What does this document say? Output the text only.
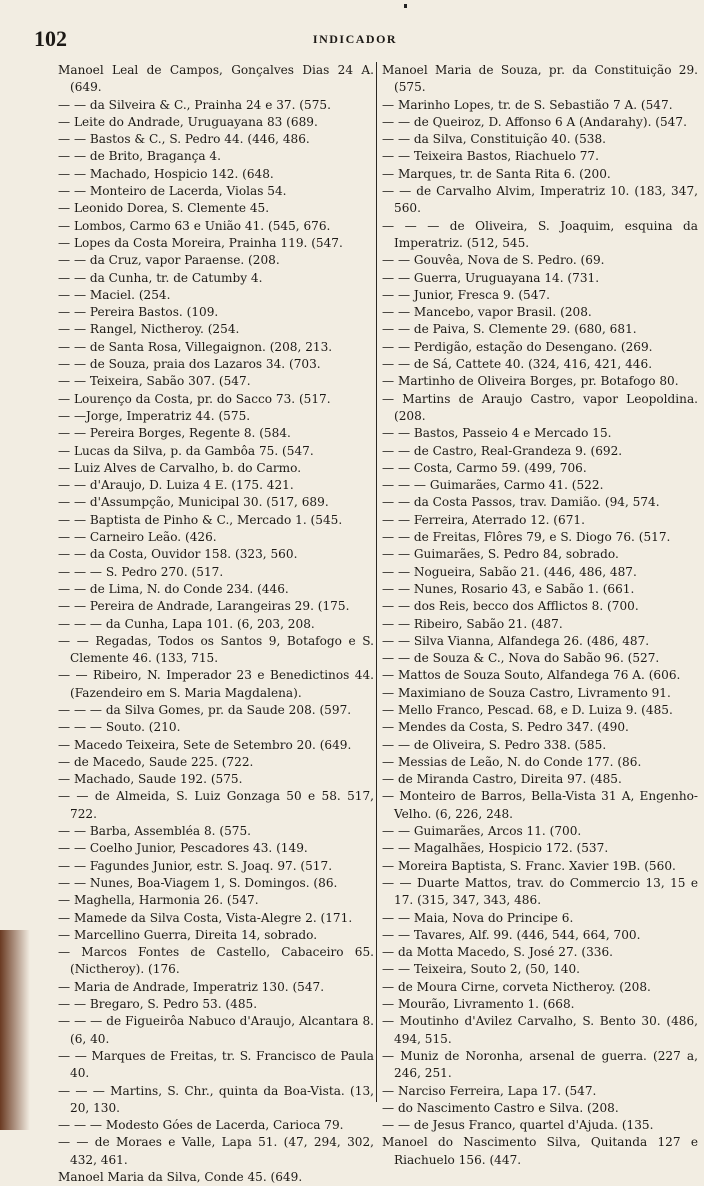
102	INDICADOR
Manoel Leal de Campos, Gonçalves Dias 24 A. (649.
— — da Silveira & C., Prainha 24 e 37. (575.
— Leite do Andrade, Uruguayana 83 (689.
— — Bastos & C., S. Pedro 44. (446, 486.
— — de Brito, Bragança 4.
— — Machado, Hospicio 142. (648.
— — Monteiro de Lacerda, Violas 54.
— Leonido Dorea, S. Clemente 45.
— Lombos, Carmo 63 e União 41. (545, 676.
— Lopes da Costa Moreira, Prainha 119. (547.
— — da Cruz, vapor Paraense. (208.
— — da Cunha, tr. de Catumby 4.
— — Maciel. (254.
— — Pereira Bastos. (109.
— — Rangel, Nictheroy. (254.
— — de Santa Rosa, Villegaignon. (208, 213.
— — de Souza, praia dos Lazaros 34. (703.
— — Teixeira, Sabão 307. (547.
— Lourenço da Costa, pr. do Sacco 73. (517.
— —Jorge, Imperatriz 44. (575.
— — Pereira Borges, Regente 8. (584.
— Lucas da Silva, p. da Gambôa 75. (547.
— Luiz Alves de Carvalho, b. do Carmo.
— — d'Araujo, D. Luiza 4 E. (175. 421.
— — d'Assumpção, Municipal 30. (517, 689.
— — Baptista de Pinho & C., Mercado 1. (545.
— — Carneiro Leão. (426.
— — da Costa, Ouvidor 158. (323, 560.
— — — S. Pedro 270. (517.
— — de Lima, N. do Conde 234. (446.
— — Pereira de Andrade, Larangeiras 29. (175.
— — — da Cunha, Lapa 101. (6, 203, 208.
— — Regadas, Todos os Santos 9, Botafogo e S. Clemente 46. (133, 715.
— — Ribeiro, N. Imperador 23 e Benedictinos 44. (Fazendeiro em S. Maria Magdalena).
— — — da Silva Gomes, pr. da Saude 208. (597.
— — — Souto. (210.
— Macedo Teixeira, Sete de Setembro 20. (649.
— de Macedo, Saude 225. (722.
— Machado, Saude 192. (575.
— — de Almeida, S. Luiz Gonzaga 50 e 58. 517, 722.
— — Barba, Assembléa 8. (575.
— — Coelho Junior, Pescadores 43. (149.
— — Fagundes Junior, estr. S. Joaq. 97. (517.
— — Nunes, Boa-Viagem 1, S. Domingos. (86.
— Maghella, Harmonia 26. (547.
— Mamede da Silva Costa, Vista-Alegre 2. (171.
— Marcellino Guerra, Direita 14, sobrado.
— Marcos Fontes de Castello, Cabaceiro 65. (Nictheroy). (176.
— Maria de Andrade, Imperatriz 130. (547.
— — Bregaro, S. Pedro 53. (485.
— — — de Figueirôa Nabuco d'Araujo, Alcantara 8. (6, 40.
— — Marques de Freitas, tr. S. Francisco de Paula 40.
— — — Martins, S. Chr., quinta da Boa-Vista. (13, 20, 130.
— — — Modesto Góes de Lacerda, Carioca 79.
— — de Moraes e Valle, Lapa 51. (47, 294, 302, 432, 461.
Manoel Maria da Silva, Conde 45. (649.
Manoel Maria de Souza, pr. da Constituição 29. (575.
— Marinho Lopes, tr. de S. Sebastião 7 A. (547.
— — de Queiroz, D. Affonso 6 A (Andarahy). (547.
— — da Silva, Constituição 40. (538.
— — Teixeira Bastos, Riachuelo 77.
— Marques, tr. de Santa Rita 6. (200.
— — de Carvalho Alvim, Imperatriz 10. (183, 347, 560.
— — — de Oliveira, S. Joaquim, esquina da Imperatriz. (512, 545.
— — Gouvêa, Nova de S. Pedro. (69.
— — Guerra, Uruguayana 14. (731.
— — Junior, Fresca 9. (547.
— — Mancebo, vapor Brasil. (208.
— — de Paiva, S. Clemente 29. (680, 681.
— — Perdigão, estação do Desengano. (269.
— — de Sá, Cattete 40. (324, 416, 421, 446.
— Martinho de Oliveira Borges, pr. Botafogo 80.
— Martins de Araujo Castro, vapor Leopoldina. (208.
— — Bastos, Passeio 4 e Mercado 15.
— — de Castro, Real-Grandeza 9. (692.
— — Costa, Carmo 59. (499, 706.
— — — Guimarães, Carmo 41. (522.
— — da Costa Passos, trav. Damião. (94, 574.
— — Ferreira, Aterrado 12. (671.
— — de Freitas, Flôres 79, e S. Diogo 76. (517.
— — Guimarães, S. Pedro 84, sobrado.
— — Nogueira, Sabão 21. (446, 486, 487.
— — Nunes, Rosario 43, e Sabão 1. (661.
— — dos Reis, becco dos Afflictos 8. (700.
— — Ribeiro, Sabão 21. (487.
— — Silva Vianna, Alfandega 26. (486, 487.
— — de Souza & C., Nova do Sabão 96. (527.
— Mattos de Souza Souto, Alfandega 76 A. (606.
— Maximiano de Souza Castro, Livramento 91.
— Mello Franco, Pescad. 68, e D. Luiza 9. (485.
— Mendes da Costa, S. Pedro 347. (490.
— — de Oliveira, S. Pedro 338. (585.
— Messias de Leão, N. do Conde 177. (86.
— de Miranda Castro, Direita 97. (485.
— Monteiro de Barros, Bella-Vista 31 A, Engenho-Velho. (6, 226, 248.
— — Guimarães, Arcos 11. (700.
— — Magalhães, Hospicio 172. (537.
— Moreira Baptista, S. Franc. Xavier 19B. (560.
— — Duarte Mattos, trav. do Commercio 13, 15 e 17. (315, 347, 343, 486.
— — Maia, Nova do Principe 6.
— — Tavares, Alf. 99. (446, 544, 664, 700.
— da Motta Macedo, S. José 27. (336.
— — Teixeira, Souto 2, (50, 140.
— de Moura Cirne, corveta Nictheroy. (208.
— Mourão, Livramento 1. (668.
— Moutinho d'Avilez Carvalho, S. Bento 30. (486, 494, 515.
— Muniz de Noronha, arsenal de guerra. (227 a, 246, 251.
— Narciso Ferreira, Lapa 17. (547.
— do Nascimento Castro e Silva. (208.
— — de Jesus Franco, quartel d'Ajuda. (135.
Manoel do Nascimento Silva, Quitanda 127 e Riachuelo 156. (447.
